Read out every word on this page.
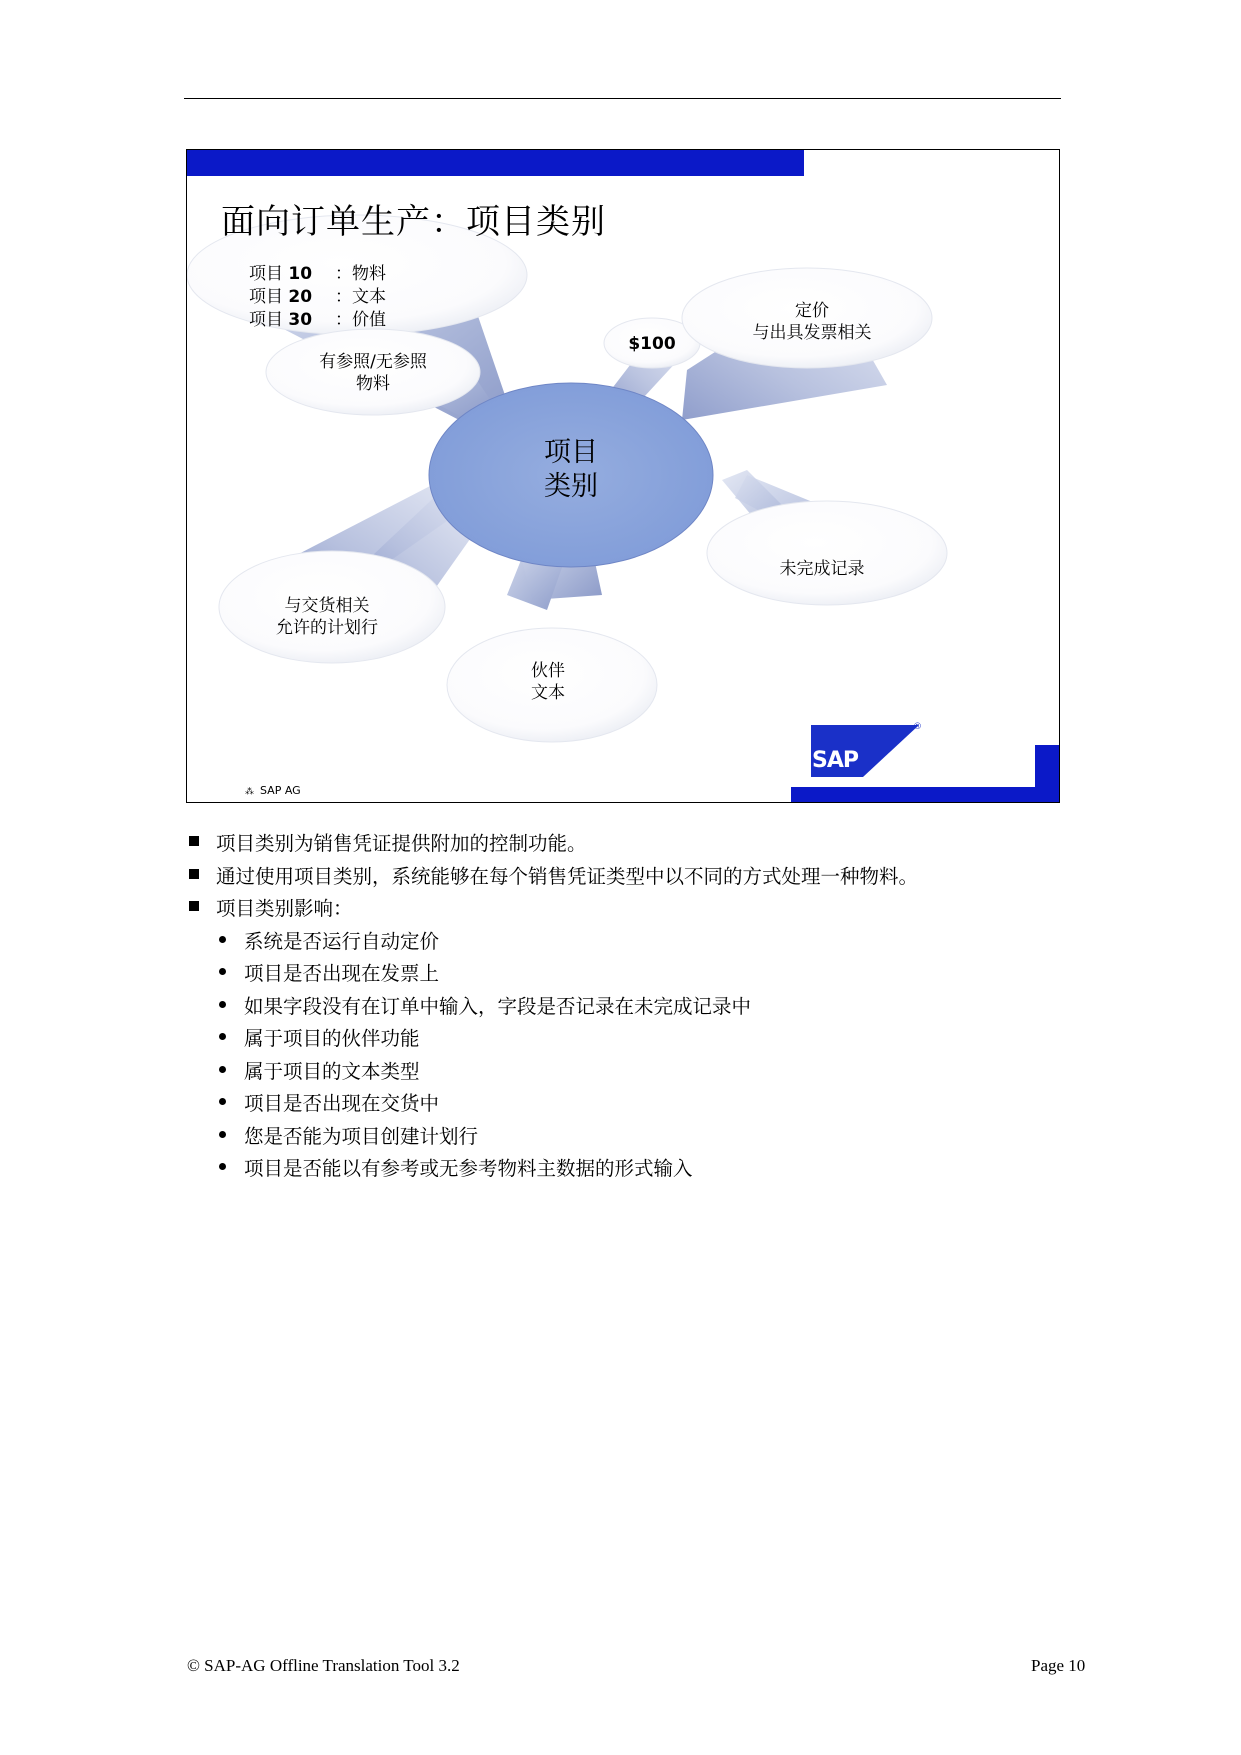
面向订单生产：项目类别
项目 10 ：物料
项目 20 ：文本
项目 30 ：价值
有参照/无参照
物料
$100
定价
与出具发票相关
项目
类别
未完成记录
与交货相关
允许的计划行
伙伴
文本
SAP
®
⁂ SAP AG
项目类别为销售凭证提供附加的控制功能。
通过使用项目类别，系统能够在每个销售凭证类型中以不同的方式处理一种物料。
项目类别影响：
系统是否运行自动定价
项目是否出现在发票上
如果字段没有在订单中输入，字段是否记录在未完成记录中
属于项目的伙伴功能
属于项目的文本类型
项目是否出现在交货中
您是否能为项目创建计划行
项目是否能以有参考或无参考物料主数据的形式输入
© SAP-AG Offline Translation Tool 3.2	Page 10
